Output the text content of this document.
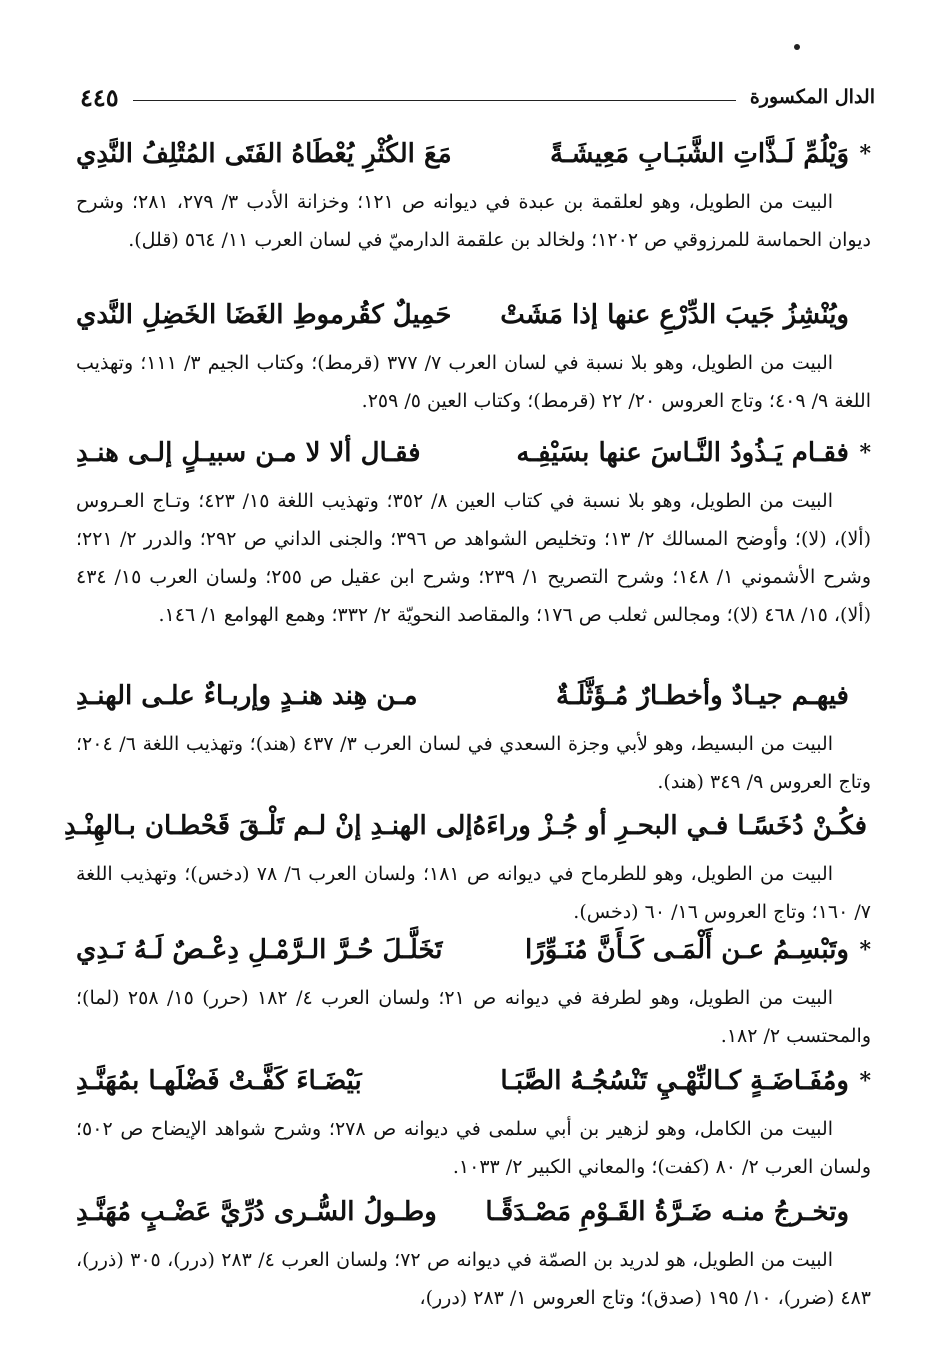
الدال المكسورة
٤٤٥
*
وَيْلُمِّ لَـذَّاتِ الشَّبَـابِ مَعِيشَـةً
مَعَ الكُثْرِ يُعْطَاهُ الفَتَى المُتْلِفُ النَّدِي

البيت من الطويل، وهو لعلقمة بن عبدة في ديوانه ص ١٢١؛ وخزانة الأدب ٣/ ٢٧٩، ٢٨١؛ وشرح ديوان الحماسة للمرزوقي ص ١٢٠٢؛ ولخالد بن علقمة الدارميّ في لسان العرب ١١/ ٥٦٤ (قلل).

ويُنْشِزُ جَيبَ الدِّرْعِ عنها إذا مَشَتْ
حَمِيلٌ كقُرموطِ الغَضَا الخَضِلِ النَّدي

البيت من الطويل، وهو بلا نسبة في لسان العرب ٧/ ٣٧٧ (قرمط)؛ وكتاب الجيم ٣/ ١١١؛ وتهذيب اللغة ٩/ ٤٠٩؛ وتاج العروس ٢٠/ ٢٢ (قرمط)؛ وكتاب العين ٥/ ٢٥٩.

*
فقـام يَـذُودُ النَّـاسَ عنها بسَيْفِـه
فقـال ألا لا مـن سبيـلٍ إلـى هنـدِ

البيت من الطويل، وهو بلا نسبة في كتاب العين ٨/ ٣٥٢؛ وتهذيب اللغة ١٥/ ٤٢٣؛ وتـاج العـروس (ألا)، (لا)؛ وأوضح المسالك ٢/ ١٣؛ وتخليص الشواهد ص ٣٩٦؛ والجنى الداني ص ٢٩٢؛ والدرر ٢/ ٢٢١؛ وشرح الأشموني ١/ ١٤٨؛ وشرح التصريح ١/ ٢٣٩؛ وشرح ابن عقيل ص ٢٥٥؛ ولسان العرب ١٥/ ٤٣٤ (ألا)، ١٥/ ٤٦٨ (لا)؛ ومجالس ثعلب ص ١٧٦؛ والمقاصد النحويّة ٢/ ٣٣٢؛ وهمع الهوامع ١/ ١٤٦.

فيهـم جيـادٌ وأخطـارٌ مُـؤَثَّلَـةٌ
مـن هِند هنـدٍ وإربـاءٌ علـى الهنـدِ

البيت من البسيط، وهو لأبي وجزة السعدي في لسان العرب ٣/ ٤٣٧ (هند)؛ وتهذيب اللغة ٦/ ٢٠٤؛ وتاج العروس ٩/ ٣٤٩ (هند).

فكُـنْ دُخَسًـا فـي البحـرِ أو جُـزْ وراءَهُ
إلى الهنـدِ إنْ لـم تَلْـقَ قَحْطـان بـالهِنْـدِ

البيت من الطويل، وهو للطرماح في ديوانه ص ١٨١؛ ولسان العرب ٦/ ٧٨ (دخس)؛ وتهذيب اللغة ٧/ ١٦٠؛ وتاج العروس ١٦/ ٦٠ (دخس).

*
وتَبْسِـمُ عـن أَلْمَـى كَـأَنَّ مُنَـوِّرًا
تَخَلَّـلَ حُـرَّ الـرَّمْـلِ دِعْـصٌ لَـهُ نَـدِي

البيت من الطويل، وهو لطرفة في ديوانه ص ٢١؛ ولسان العرب ٤/ ١٨٢ (حرر) ١٥/ ٢٥٨ (لما)؛ والمحتسب ٢/ ١٨٢.

*
ومُفَـاضَـةٍ كـالنِّهْـيِ تَنْسُجُـهُ الصَّبَـا
بَيْضَـاءَ كَفَّـتْ فَضْلَهـا بمُهَنَّـدِ

البيت من الكامل، وهو لزهير بن أبي سلمى في ديوانه ص ٢٧٨؛ وشرح شواهد الإيضاح ص ٥٠٢؛ ولسان العرب ٢/ ٨٠ (كفت)؛ والمعاني الكبير ٢/ ١٠٣٣.

وتخـرجُ منـه ضَـرَّةُ القَـوْمِ مَصْـدَقًـا
وطـولُ السُّـرى دُرِّيَّ عَضْـبٍ مُهَنَّـدِ

البيت من الطويل، هو لدريد بن الصمّة في ديوانه ص ٧٢؛ ولسان العرب ٤/ ٢٨٣ (درر)، ٣٠٥ (ذرر)، ٤٨٣ (ضرر)، ١٠/ ١٩٥ (صدق)؛ وتاج العروس ١/ ٢٨٣ (درر)،
